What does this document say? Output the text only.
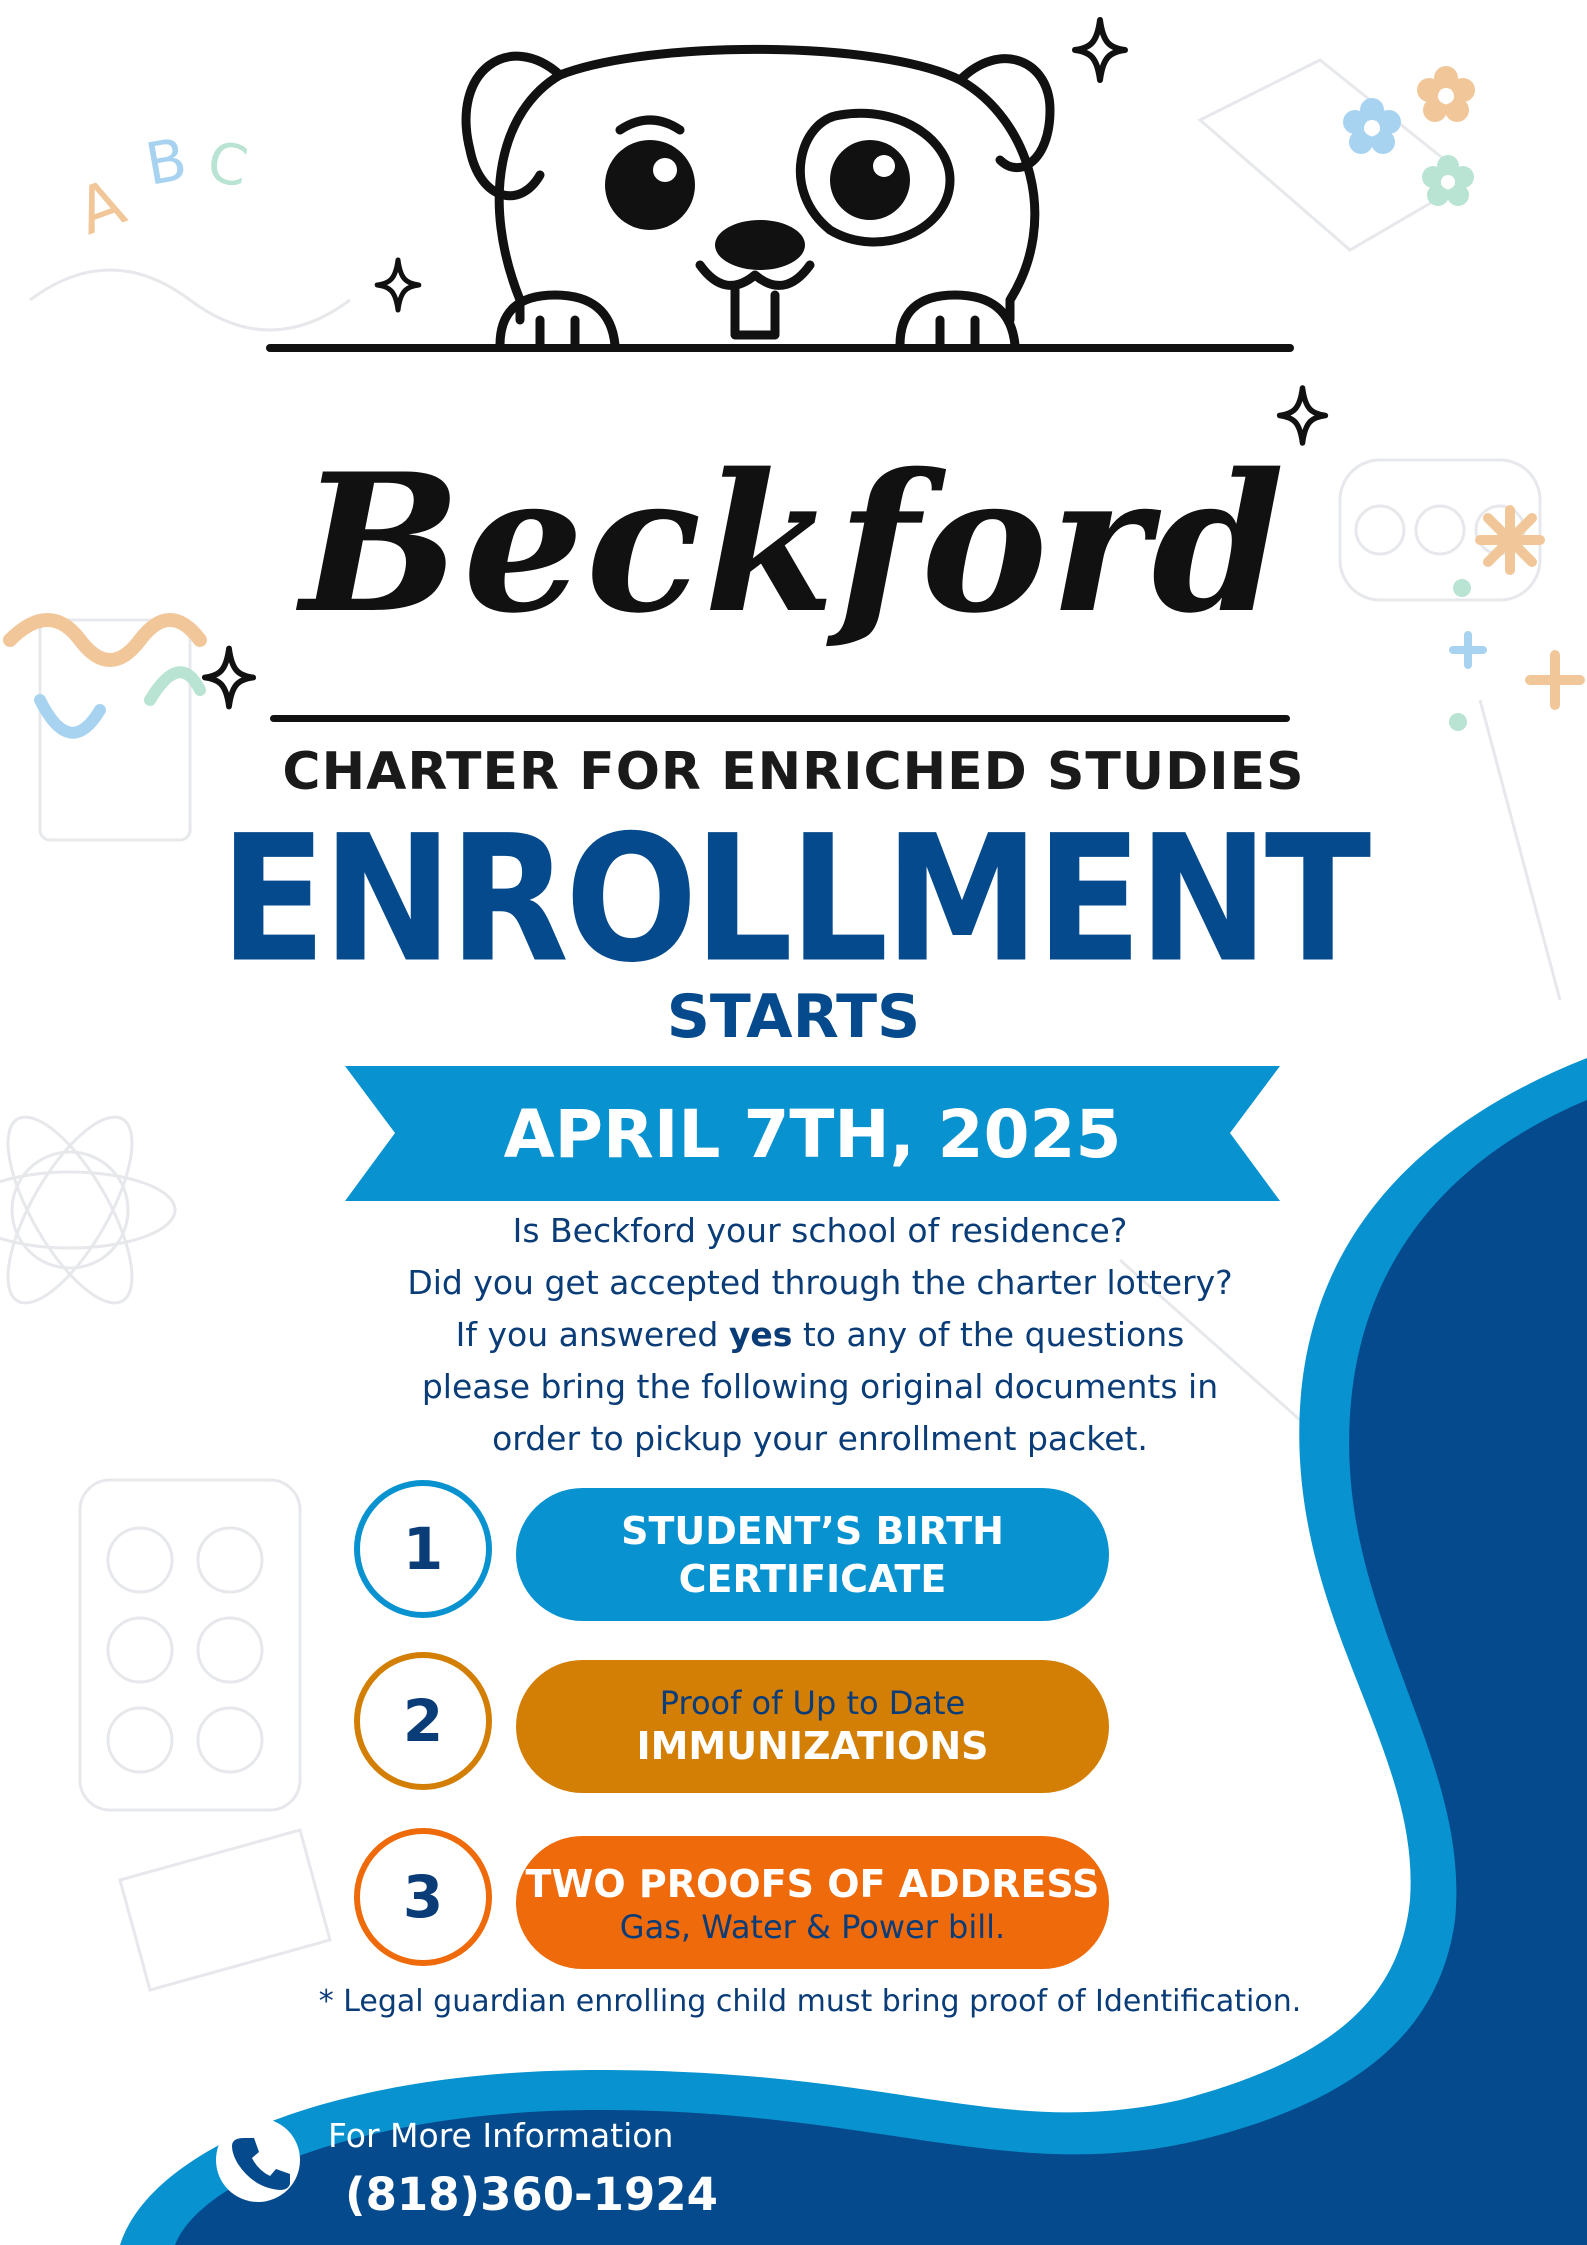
A
B C
Beckford
CHARTER FOR ENRICHED STUDIES
ENROLLMENT
STARTS
APRIL 7TH, 2025

Is Beckford your school of residence?

Did you get accepted through the charter lottery?

If you answered yes to any of the questions

please bring the following original documents in

order to pickup your enrollment packet.

1	STUDENT’S BIRTH
CERTIFICATE
2	Proof of Up to Date
IMMUNIZATIONS
3	TWO PROOFS OF ADDRESS
Gas, Water & Power bill.
* Legal guardian enrolling child must bring proof of Identification.
For More Information
(818)360-1924
